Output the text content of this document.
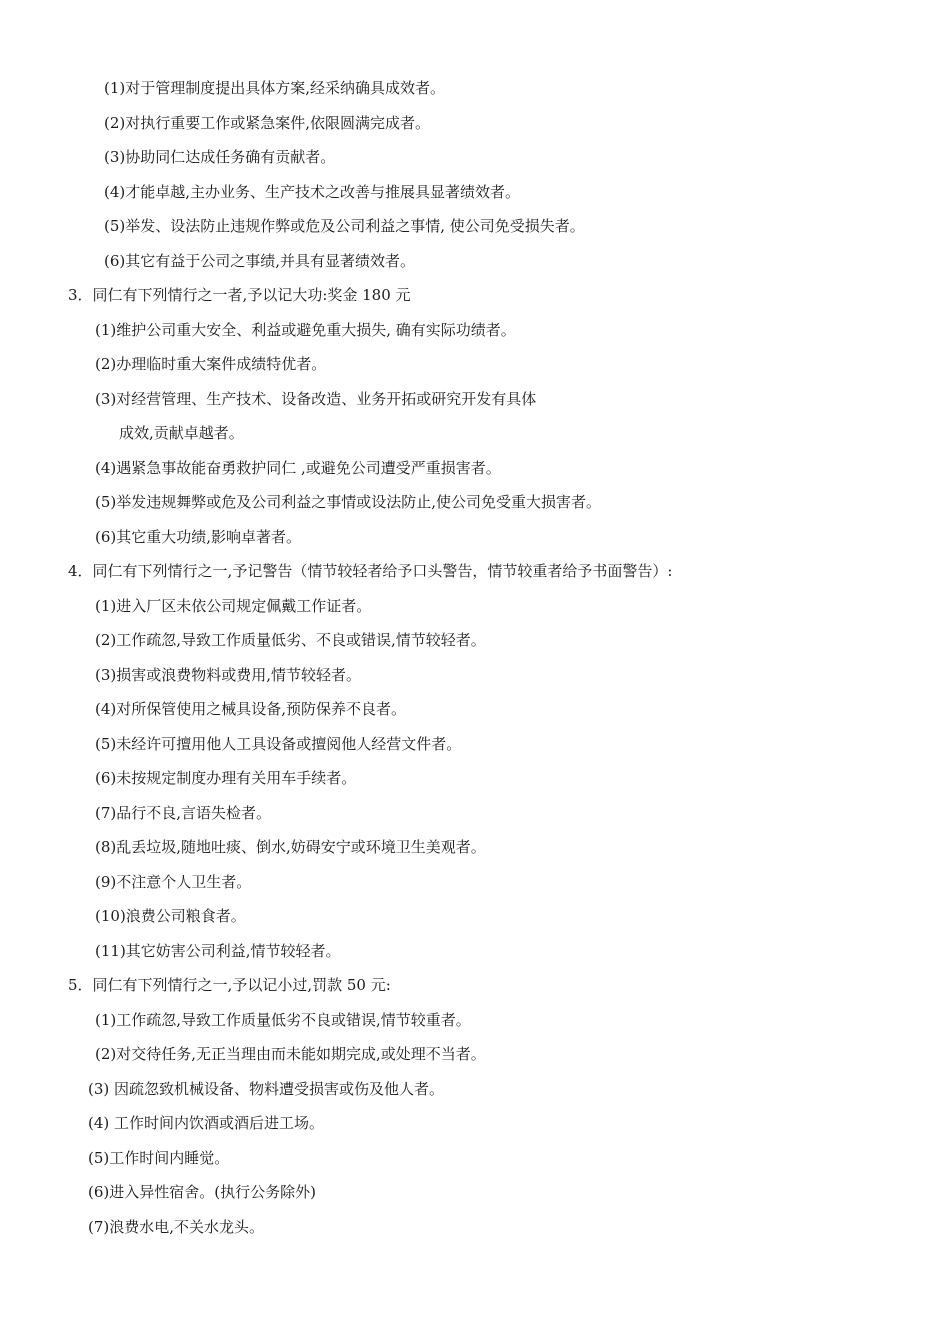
(1)对于管理制度提出具体方案,经采纳确具成效者。
(2)对执行重要工作或紧急案件,依限圆满完成者。
(3)协助同仁达成任务确有贡献者。
(4)才能卓越,主办业务、生产技术之改善与推展具显著绩效者。
(5)举发、设法防止违规作弊或危及公司利益之事情, 使公司免受损失者。
(6)其它有益于公司之事绩,并具有显著绩效者。
3．同仁有下列情行之一者,予以记大功:奖金 180 元
(1)维护公司重大安全、利益或避免重大损失, 确有实际功绩者。
(2)办理临时重大案件成绩特优者。
(3)对经营管理、生产技术、设备改造、业务开拓或研究开发有具体
成效,贡献卓越者。
(4)遇紧急事故能奋勇救护同仁 ,或避免公司遭受严重损害者。
(5)举发违规舞弊或危及公司利益之事情或设法防止,使公司免受重大损害者。
(6)其它重大功绩,影响卓著者。
4．同仁有下列情行之一,予记警告（情节较轻者给予口头警告，情节较重者给予书面警告）:
(1)进入厂区未依公司规定佩戴工作证者。
(2)工作疏忽,导致工作质量低劣、不良或错误,情节较轻者。
(3)损害或浪费物料或费用,情节较轻者。
(4)对所保管使用之械具设备,预防保养不良者。
(5)未经许可擅用他人工具设备或擅阅他人经营文件者。
(6)未按规定制度办理有关用车手续者。
(7)品行不良,言语失检者。
(8)乱丢垃圾,随地吐痰、倒水,妨碍安宁或环境卫生美观者。
(9)不注意个人卫生者。
(10)浪费公司粮食者。
(11)其它妨害公司利益,情节较轻者。
5．同仁有下列情行之一,予以记小过,罚款 50 元:
(1)工作疏忽,导致工作质量低劣不良或错误,情节较重者。
(2)对交待任务,无正当理由而未能如期完成,或处理不当者。
(3) 因疏忽致机械设备、物料遭受损害或伤及他人者。
(4) 工作时间内饮酒或酒后进工场。
(5)工作时间内睡觉。
(6)进入异性宿舍。(执行公务除外)
(7)浪费水电,不关水龙头。
